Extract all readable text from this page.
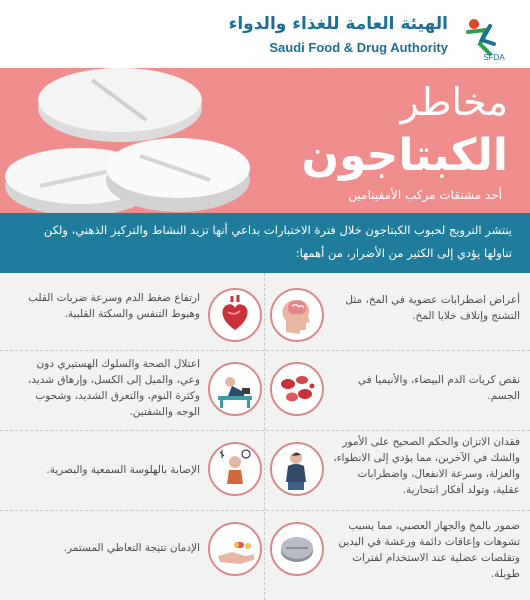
الهيئة العامة للغذاء والدواء
Saudi Food & Drug Authority
SFDA
مخاطر
الكبتاجون
أحد مشتقات مركب الأمفيتامين

ينتشر الترويج لحبوب الكبتاجون خلال فترة الاختبارات بداعي أنها تزيد النشاط والتركيز الذهني، ولكن

تناولها يؤدي إلى الكثير من الأضرار، من أهمها:

أعراض اضطرابات عضوية في المخ، مثل التشنج وإتلاف خلايا المخ.
ارتفاع ضغط الدم وسرعة ضربات القلب وهبوط التنفس والسكتة القلبية.
نقص كريات الدم البيضاء، والأنيميا في الجسم.
اعتلال الصحة والسلوك الهستيري دون وعي، والميل إلى الكسل، وإرهاق شديد، وكثرة النوم، والتعرق الشديد، وشحوب الوجه والشفتين.
فقدان الاتزان والحكم الصحيح على الأمور والشك في الآخرين، مما يؤدي إلى الانطواء، والعزلة، وسرعة الانفعال، واضطرابات عقلية، وتولد أفكار انتحارية.
الإصابة بالهلوسة السمعية والبصرية.
ضمور بالمخ والجهاز العصبي، مما يسبب تشوهات وإعاقات دائمة ورعشة في اليدين وتقلصات عضلية عند الاستخدام لفترات طويلة.
الإدمان نتيجة التعاطي المستمر.
